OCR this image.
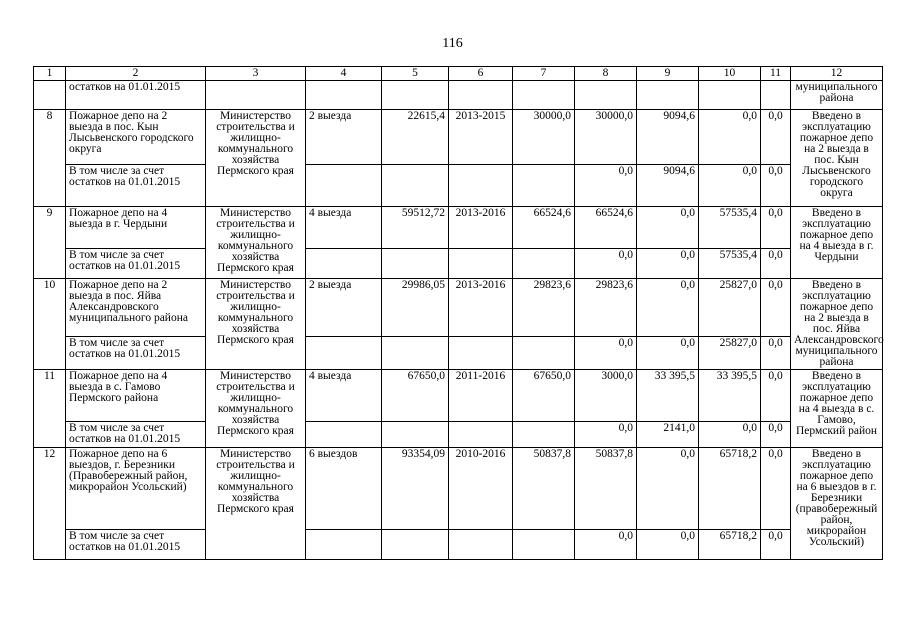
116
1	2	3	4	5	6	7	8	9	10	11	12
	остатков на 01.01.2015										муниципального района
8	Пожарное депо на 2 выезда в пос. Кын Лысьвенского городского округа	Министерство строительства и жилищно-коммунального хозяйства Пермского края	2 выезда	22615,4	2013-2015	30000,0	30000,0	9094,6	0,0	0,0	Введено в эксплуатацию пожарное депо на 2 выезда в пос. Кын Лысьвенского городского округа
	В том числе за счет остатков на 01.01.2015						0,0	9094,6	0,0	0,0	
9	Пожарное депо на 4 выезда в г. Чердыни	Министерство строительства и жилищно-коммунального хозяйства Пермского края	4 выезда	59512,72	2013-2016	66524,6	66524,6	0,0	57535,4	0,0	Введено в эксплуатацию пожарное депо на 4 выезда в г. Чердыни
	В том числе за счет остатков на 01.01.2015						0,0	0,0	57535,4	0,0	
10	Пожарное депо на 2 выезда в пос. Яйва Александровского муниципального района	Министерство строительства и жилищно-коммунального хозяйства Пермского края	2 выезда	29986,05	2013-2016	29823,6	29823,6	0,0	25827,0	0,0	Введено в эксплуатацию пожарное депо на 2 выезда в пос. Яйва Александровского муниципального района
	В том числе за счет остатков на 01.01.2015						0,0	0,0	25827,0	0,0	
11	Пожарное депо на 4 выезда в с. Гамово Пермского района	Министерство строительства и жилищно-коммунального хозяйства Пермского края	4 выезда	67650,0	2011-2016	67650,0	3000,0	33 395,5	33 395,5	0,0	Введено в эксплуатацию пожарное депо на 4 выезда в с. Гамово, Пермский район
	В том числе за счет остатков на 01.01.2015						0,0	2141,0	0,0	0,0	
12	Пожарное депо на 6 выездов, г. Березники (Правобережный район, микрорайон Усольский)	Министерство строительства и жилищно-коммунального хозяйства Пермского края	6 выездов	93354,09	2010-2016	50837,8	50837,8	0,0	65718,2	0,0	Введено в эксплуатацию пожарное депо на 6 выездов в г. Березники (правобережный район, микрорайон Усольский)
	В том числе за счет остатков на 01.01.2015						0,0	0,0	65718,2	0,0	
